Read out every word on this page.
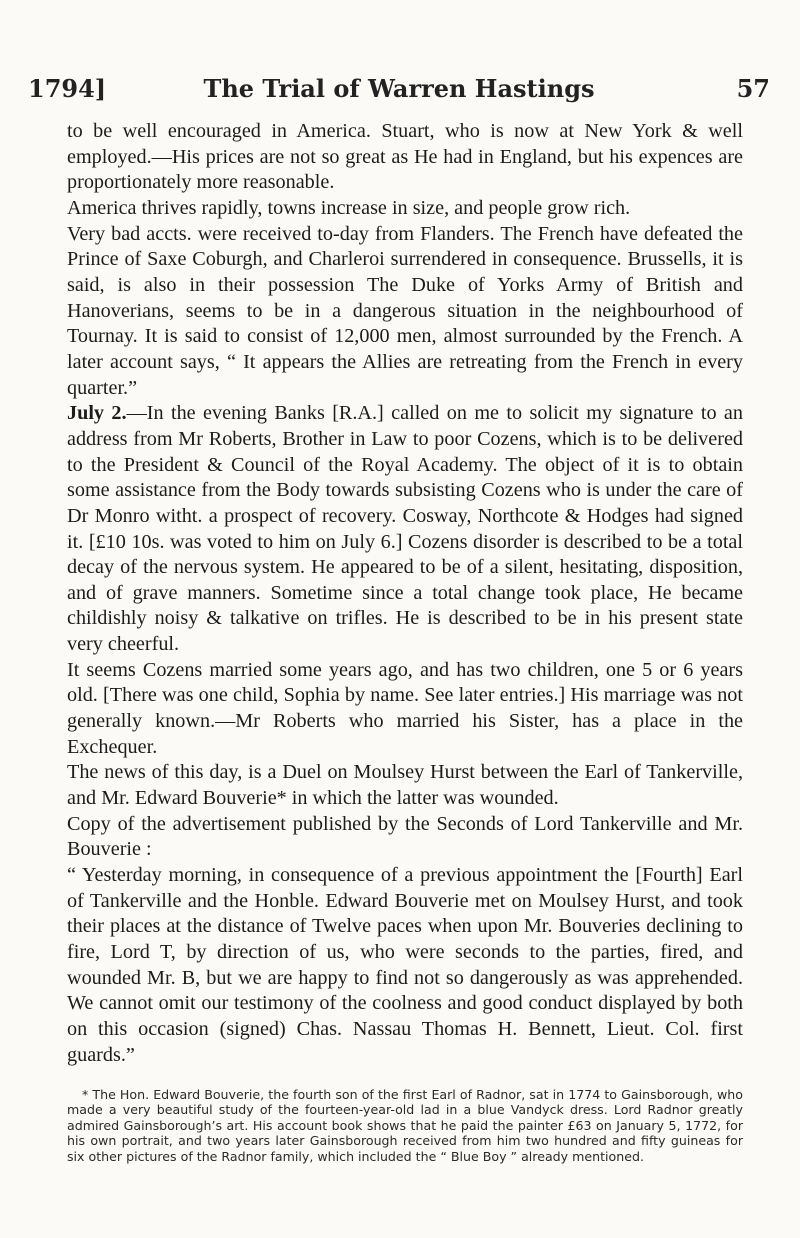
1794]	The Trial of Warren Hastings	57

to be well encouraged in America. Stuart, who is now at New York & well employed.—His prices are not so great as He had in England, but his expences are proportionately more reasonable.

America thrives rapidly, towns increase in size, and people grow rich.

Very bad accts. were received to-day from Flanders. The French have defeated the Prince of Saxe Coburgh, and Charleroi surrendered in consequence. Brussells, it is said, is also in their possession The Duke of Yorks Army of British and Hanoverians, seems to be in a dangerous situation in the neighbourhood of Tournay. It is said to consist of 12,000 men, almost surrounded by the French. A later account says, “ It appears the Allies are retreating from the French in every quarter.”

July 2.—In the evening Banks [R.A.] called on me to solicit my signature to an address from Mr Roberts, Brother in Law to poor Cozens, which is to be delivered to the President & Council of the Royal Academy. The object of it is to obtain some assistance from the Body towards subsisting Cozens who is under the care of Dr Monro witht. a prospect of recovery. Cosway, Northcote & Hodges had signed it. [£10 10s. was voted to him on July 6.] Cozens disorder is described to be a total decay of the nervous system. He appeared to be of a silent, hesitating, disposition, and of grave manners. Sometime since a total change took place, He became childishly noisy & talkative on trifles. He is described to be in his present state very cheerful.

It seems Cozens married some years ago, and has two children, one 5 or 6 years old. [There was one child, Sophia by name. See later entries.] His marriage was not generally known.—Mr Roberts who married his Sister, has a place in the Exchequer.

The news of this day, is a Duel on Moulsey Hurst between the Earl of Tankerville, and Mr. Edward Bouverie* in which the latter was wounded.

Copy of the advertisement published by the Seconds of Lord Tankerville and Mr. Bouverie :

“ Yesterday morning, in consequence of a previous appointment the [Fourth] Earl of Tankerville and the Honble. Edward Bouverie met on Moulsey Hurst, and took their places at the distance of Twelve paces when upon Mr. Bouveries declining to fire, Lord T, by direction of us, who were seconds to the parties, fired, and wounded Mr. B, but we are happy to find not so dangerously as was apprehended. We cannot omit our testimony of the coolness and good conduct displayed by both on this occasion (signed) Chas. Nassau Thomas H. Bennett, Lieut. Col. first guards.”

* The Hon. Edward Bouverie, the fourth son of the first Earl of Radnor, sat in 1774 to Gainsborough, who made a very beautiful study of the fourteen-year-old lad in a blue Vandyck dress. Lord Radnor greatly admired Gainsborough’s art. His account book shows that he paid the painter £63 on January 5, 1772, for his own portrait, and two years later Gainsborough received from him two hundred and fifty guineas for six other pictures of the Radnor family, which included the “ Blue Boy ” already mentioned.
